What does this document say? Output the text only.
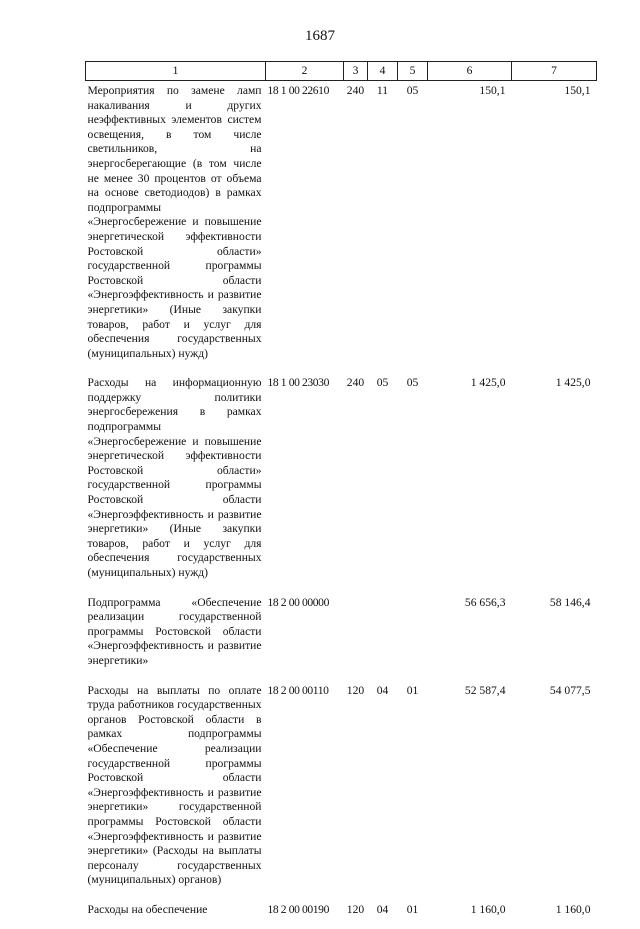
1687
1	2	3	4	5	6	7
Мероприятия по замене ламп накаливания и других неэффективных элементов систем освещения, в том числе светильников, на энергосберегающие (в том числе не менее 30 процентов от объема на основе светодиодов) в рамках подпрограммы «Энергосбережение и повышение энергетической эффективности Ростовской области» государственной программы Ростовской области «Энергоэффективность и развитие энергетики» (Иные закупки товаров, работ и услуг для обеспечения государственных (муниципальных) нужд)	18 1 00 22610	240	11	05	150,1	150,1
Расходы на информационную поддержку политики энергосбережения в рамках подпрограммы «Энергосбережение и повышение энергетической эффективности Ростовской области» государственной программы Ростовской области «Энергоэффективность и развитие энергетики» (Иные закупки товаров, работ и услуг для обеспечения государственных (муниципальных) нужд)	18 1 00 23030	240	05	05	1 425,0	1 425,0
Подпрограмма «Обеспечение реализации государственной программы Ростовской области «Энергоэффективность и развитие энергетики»	18 2 00 00000				56 656,3	58 146,4
Расходы на выплаты по оплате труда работников государственных органов Ростовской области в рамках подпрограммы «Обеспечение реализации государственной программы Ростовской области «Энергоэффективность и развитие энергетики» государственной программы Ростовской области «Энергоэффективность и развитие энергетики» (Расходы на выплаты персоналу государственных (муниципальных) органов)	18 2 00 00110	120	04	01	52 587,4	54 077,5
Расходы на обеспечение	18 2 00 00190	120	04	01	1 160,0	1 160,0
